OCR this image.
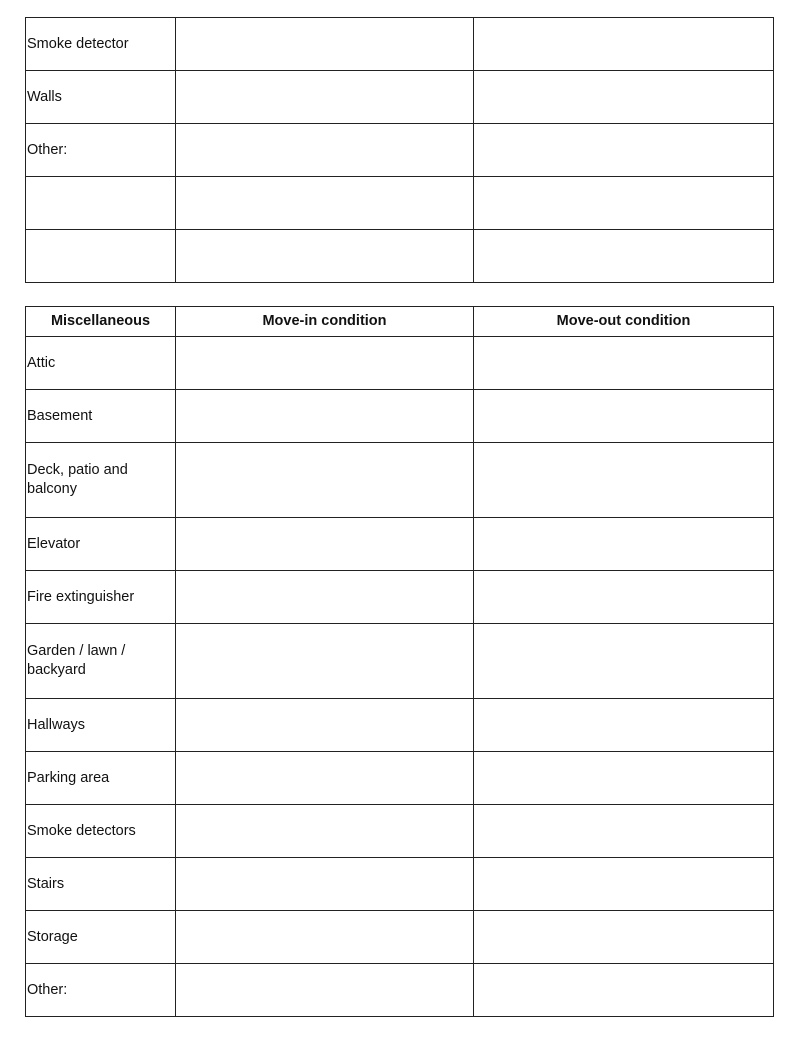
Smoke detector		
Walls		
Other:		

Miscellaneous	Move-in condition	Move-out condition
Attic		
Basement		
Deck, patio and balcony		
Elevator		
Fire extinguisher		
Garden / lawn / backyard		
Hallways		
Parking area		
Smoke detectors		
Stairs		
Storage		
Other:		
